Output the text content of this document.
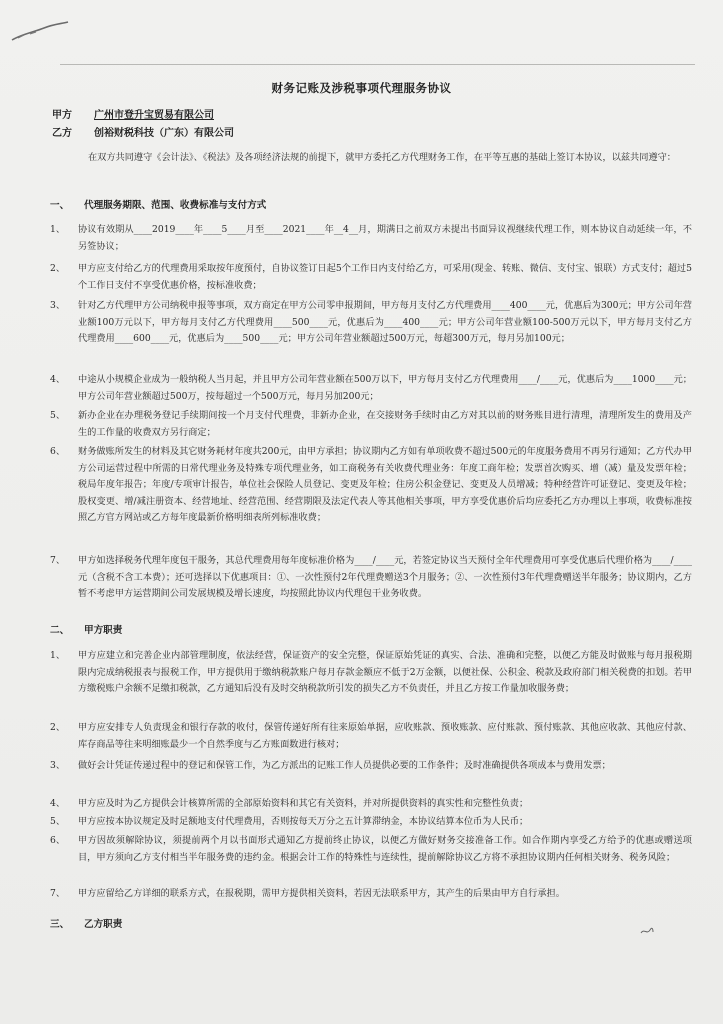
财务记账及涉税事项代理服务协议
甲方 广州市登升宝贸易有限公司
乙方 创裕财税科技（广东）有限公司
在双方共同遵守《会计法》、《税法》及各项经济法规的前提下，就甲方委托乙方代理财务工作，在平等互惠的基础上签订本协议，以兹共同遵守：
一、 代理服务期限、范围、收费标准与支付方式
1、	协议有效期从____2019____年____5____月至____2021____年__4__月，期满日之前双方未提出书面异议视继续代理工作，则本协议自动延续一年，不另签协议；
2、	甲方应支付给乙方的代理费用采取按年度预付，自协议签订日起5个工作日内支付给乙方，可采用(现金、转账、微信、支付宝、银联）方式支付；超过5个工作日支付不享受优惠价格，按标准收费；
3、	针对乙方代理甲方公司纳税申报等事项，双方商定在甲方公司零申报期间，甲方每月支付乙方代理费用____400____元，优惠后为300元；甲方公司年营业额100万元以下，甲方每月支付乙方代理费用____500____元，优惠后为____400____元；甲方公司年营业额100-500万元以下，甲方每月支付乙方代理费用____600____元，优惠后为____500____元；甲方公司年营业额超过500万元，每超300万元，每月另加100元；
4、	中途从小规模企业成为一般纳税人当月起，并且甲方公司年营业额在500万以下，甲方每月支付乙方代理费用____/____元，优惠后为____1000____元；甲方公司年营业额超过500万，按每超过一个500万元，每月另加200元；
5、	新办企业在办理税务登记手续期间按一个月支付代理费，非新办企业，在交接财务手续时由乙方对其以前的财务账目进行清理，清理所发生的费用及产生的工作量的收费双方另行商定；
6、	财务做账所发生的材料及其它财务耗材年度共200元，由甲方承担；协议期内乙方如有单项收费不超过500元的年度服务费用不再另行通知；乙方代办甲方公司运营过程中所需的日常代理业务及特殊专项代理业务，如工商税务有关收费代理业务：年度工商年检；发票首次购买、增（减）量及发票年检；税局年度年报告；年度/专项审计报告，单位社会保险人员登记、变更及年检；住房公积金登记、变更及人员增减；特种经营许可证登记、变更及年检；股权变更、增/减注册资本、经营地址、经营范围、经营期限及法定代表人等其他相关事项，甲方享受优惠价后均应委托乙方办理以上事项，收费标准按照乙方官方网站或乙方每年度最新价格明细表所列标准收费；
7、	甲方如选择税务代理年度包干服务，其总代理费用每年度标准价格为____/____元，若签定协议当天预付全年代理费用可享受优惠后代理价格为____/____元（含税不含工本费）；还可选择以下优惠项目：①、一次性预付2年代理费赠送3个月服务；②、一次性预付3年代理费赠送半年服务；协议期内，乙方暂不考虑甲方运营期间公司发展规模及增长速度，均按照此协议内代理包干业务收费。
二、 甲方职责
1、	甲方应建立和完善企业内部管理制度，依法经营，保证资产的安全完整，保证原始凭证的真实、合法、准确和完整，以便乙方能及时做账与每月报税期限内完成纳税报表与报税工作，甲方提供用于缴纳税款账户每月存款金额应不低于2万金额，以便社保、公积金、税款及政府部门相关税费的扣划。若甲方缴税账户余额不足缴扣税款，乙方通知后没有及时交纳税款所引发的损失乙方不负责任，并且乙方按工作量加收服务费；
2、	甲方应安排专人负责现金和银行存款的收付，保管传递好所有往来原始单据，应收账款、预收账款、应付账款、预付账款、其他应收款、其他应付款、库存商品等往来明细账最少一个自然季度与乙方账面数进行核对；
3、	做好会计凭证传递过程中的登记和保管工作，为乙方派出的记账工作人员提供必要的工作条件；及时准确提供各项成本与费用发票；
4、	甲方应及时为乙方提供会计核算所需的全部原始资料和其它有关资料，并对所提供资料的真实性和完整性负责；
5、	甲方应按本协议规定及时足额地支付代理费用，否则按每天万分之五计算滞纳金，本协议结算本位币为人民币；
6、	甲方因故须解除协议，须提前两个月以书面形式通知乙方提前终止协议，以便乙方做好财务交接准备工作。如合作期内享受乙方给予的优惠或赠送项目，甲方须向乙方支付相当半年服务费的违约金。根据会计工作的特殊性与连续性，提前解除协议乙方将不承担协议期内任何相关财务、税务风险；
7、	甲方应留给乙方详细的联系方式，在报税期，需甲方提供相关资料，若因无法联系甲方，其产生的后果由甲方自行承担。
三、 乙方职责
